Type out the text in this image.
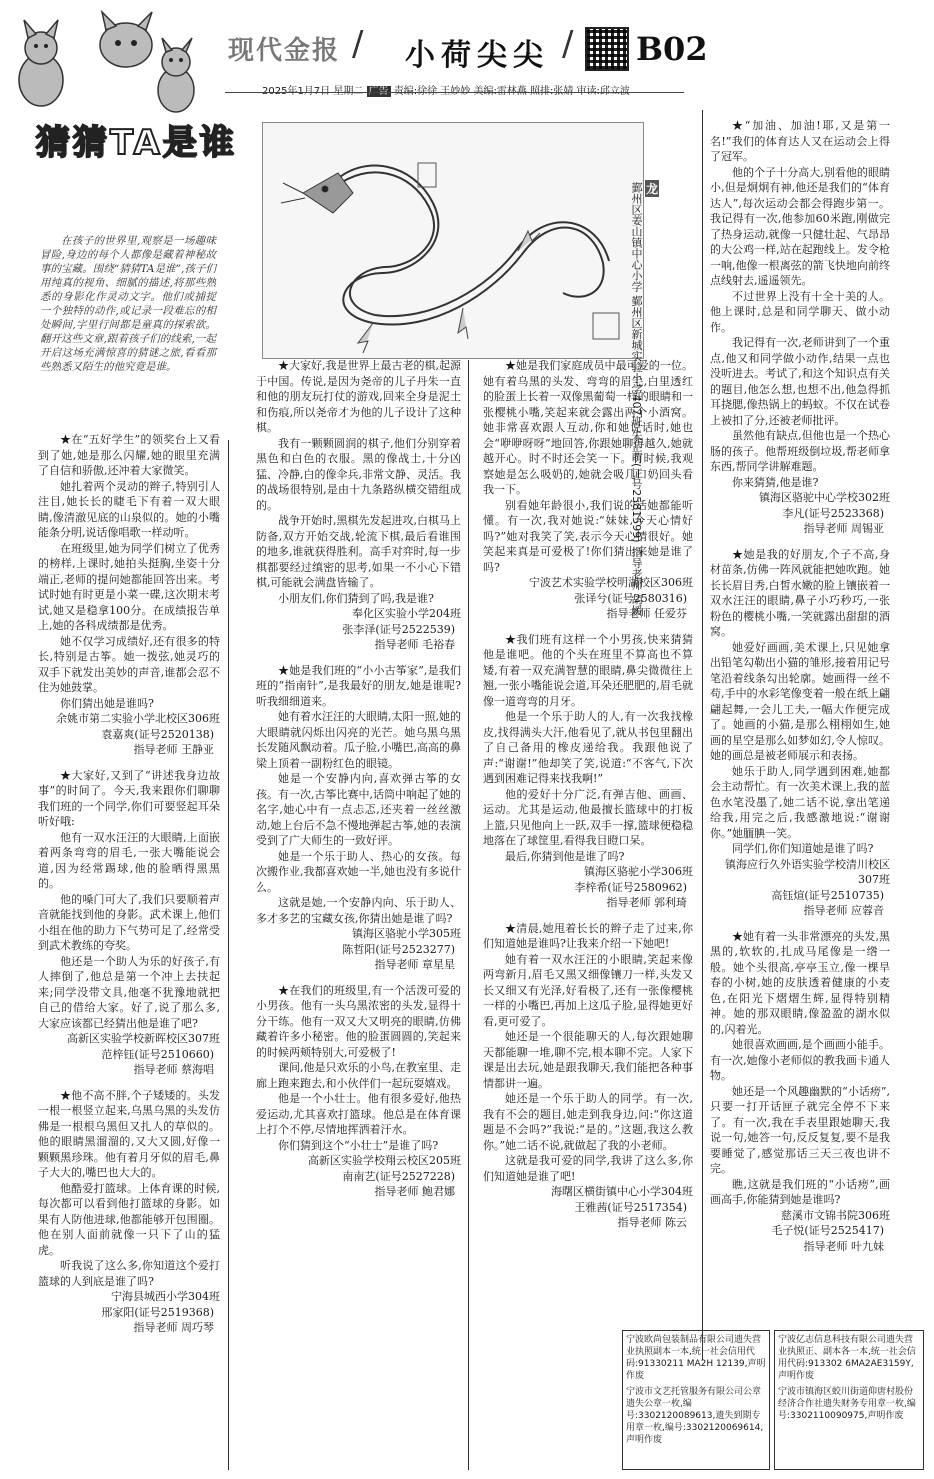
猜猜TA是谁

在孩子的世界里,观察是一场趣味冒险,身边的每个人都像是藏着神秘故事的宝藏。围绕“猜猜TA是谁”,孩子们用纯真的视角、细腻的描述,将那些熟悉的身影化作灵动文字。他们或捕捉一个独特的动作,或记录一段难忘的相处瞬间,字里行间都是童真的探索欲。翻开这些文章,跟着孩子们的线索,一起开启这场充满惊喜的猜谜之旅,看看那些熟悉又陌生的他究竟是谁。

现代金报 / 小荷尖尖 / B02
2025年1月7日 星期二 广告 责编:徐徐 王妙妙 美编:雷林燕 照排:张婧 审读:邱立波
龙
鄞州区姜山镇中心小学 鄞州区新城实验小学407班 朱芷萌(证号2581599) 指导老师 胡媛

★在“五好学生”的领奖台上又看到了她,她是那么闪耀,她的眼里充满了自信和骄傲,还冲着大家微笑。

她扎着两个灵动的辫子,特别引人注目,她长长的睫毛下有着一双大眼睛,像清澈见底的山泉似的。她的小嘴能条分明,说话像唱歌一样动听。

在班级里,她为同学们树立了优秀的榜样,上课时,她拍头挺胸,坐姿十分端正,老师的提问她都能回答出来。考试时她有时更是小菜一碟,这次期末考试,她又是稳拿100分。在成绩报告单上,她的各科成绩都是优秀。

她不仅学习成绩好,还有很多的特长,特别是古筝。她一拨弦,她灵巧的双手下就发出美妙的声音,谁都会忍不住为她鼓掌。

你们猜出她是谁吗?

余姚市第二实验小学北校区306班

袁嘉爽(证号2520138)

指导老师 王静亚

★大家好,又到了“讲述我身边故事”的时间了。今天,我来跟你们聊聊我们班的一个同学,你们可要竖起耳朵听好哦:

他有一双水汪汪的大眼睛,上面嵌着两条弯弯的眉毛,一张大嘴能说会道,因为经常踢球,他的脸晒得黑黑的。

他的嗓门可大了,我们只要顺着声音就能找到他的身影。武术课上,他们小组在他的助力下气势可足了,经常受到武术教练的夸奖。

他还是一个助人为乐的好孩子,有人摔倒了,他总是第一个冲上去扶起来;同学没带文具,他毫不犹豫地就把自己的借给大家。好了,说了那么多,大家应该都已经猜出他是谁了吧?

高新区实验学校新晖校区307班

范梓钰(证号2510660)

指导老师 蔡海唱

★他不高不胖,个子矮矮的。头发一根一根竖立起来,乌黑乌黑的头发仿佛是一根根乌黑但又扎人的草似的。他的眼睛黑溜溜的,又大又圆,好像一颗颗黑珍珠。他有着月牙似的眉毛,鼻子大大的,嘴巴也大大的。

他酷爱打篮球。上体育课的时候,每次都可以看到他打篮球的身影。如果有人防他进球,他都能够开包围圈。他在别人面前就像一只下了山的猛虎。

听我说了这么多,你知道这个爱打篮球的人到底是谁了吗?

宁海县城西小学304班

邢家阳(证号2519368)

指导老师 周巧琴

★大家好,我是世界上最古老的棋,起源于中国。传说,是因为尧帝的儿子丹朱一直和他的朋友玩打仗的游戏,回来全身是泥土和伤痕,所以尧帝才为他的儿子设计了这种棋。

我有一颗颗圆润的棋子,他们分别穿着黑色和白色的衣服。黑的像战士,十分凶猛、冷静,白的像伞兵,非常文静、灵活。我的战场很特别,是由十九条路纵横交错组成的。

战争开始时,黑棋先发起进攻,白棋马上防备,双方开始交战,轮流下棋,最后看谁围的地多,谁就获得胜利。高手对弈时,每一步棋都要经过缜密的思考,如果一不小心下错棋,可能就会满盘皆输了。

小朋友们,你们猜到了吗,我是谁?

奉化区实验小学204班

张李泽(证号2522539)

指导老师 毛裕春

★她是我们班的“小小古筝家”,是我们班的“指南针”,是我最好的朋友,她是谁呢?听我细细道来。

她有着水汪汪的大眼睛,太阳一照,她的大眼睛就闪烁出闪亮的光芒。她乌黑乌黑长发随风飘动着。瓜子脸,小嘴巴,高高的鼻梁上顶着一副粉红色的眼镜。

她是一个安静内向,喜欢弹古筝的女孩。有一次,古筝比赛中,话筒中响起了她的名字,她心中有一点忐忑,还夹着一丝丝激动,她上台后不急不慢地弹起古筝,她的表演受到了广大师生的一致好评。

她是一个乐于助人、热心的女孩。每次搬作业,我都喜欢她一半,她也没有多说什么。

这就是她,一个安静内向、乐于助人、多才多艺的宝藏女孩,你猜出她是谁了吗?

镇海区骆驼小学305班

陈哲阳(证号2523277)

指导老师 章星星

★在我们的班级里,有一个活泼可爱的小男孩。他有一头乌黑浓密的头发,显得十分干练。他有一双又大又明亮的眼睛,仿佛藏着许多小秘密。他的脸蛋圆圆的,笑起来的时候两颊特别大,可爱极了!

课间,他是只欢乐的小鸟,在教室里、走廊上跑来跑去,和小伙伴们一起玩耍嬉戏。

他是一个小壮士。他有很多爱好,他热爱运动,尤其喜欢打篮球。他总是在体育课上打个不停,尽情地挥洒着汗水。

你们猜到这个“小壮士”是谁了吗?

高新区实验学校翔云校区205班

南南艺(证号2527228)

指导老师 鲍君娜

★她是我们家庭成员中最可爱的一位。她有着乌黑的头发、弯弯的眉毛,白里透红的脸蛋上长着一双像黑葡萄一样的眼睛和一张樱桃小嘴,笑起来就会露出两个小酒窝。她非常喜欢跟人互动,你和她说话时,她也会“咿咿呀呀”地回答,你跟她聊得越久,她就越开心。时不时还会笑一下。有时候,我观察她是怎么吸奶的,她就会吸几口奶回头看我一下。

别看她年龄很小,我们说的话她都能听懂。有一次,我对她说:“妹妹,今天心情好吗?”她对我笑了笑,表示今天心情很好。她笑起来真是可爱极了!你们猜出来她是谁了吗?

宁波艺术实验学校明湖校区306班

张译兮(证号2580316)

指导老师 任爱芬

★我们班有这样一个小男孩,快来猜猜他是谁吧。他的个头在班里不算高也不算矮,有着一双充满智慧的眼睛,鼻尖微微往上翘,一张小嘴能说会道,耳朵还肥肥的,眉毛就像一道弯弯的月牙。

他是一个乐于助人的人,有一次我找橡皮,找得满头大汗,他看见了,就从书包里翻出了自己备用的橡皮递给我。我跟他说了声:“谢谢!”他却笑了笑,说道:“不客气,下次遇到困难记得来找我啊!”

他的爱好十分广泛,有弹吉他、画画、运动。尤其是运动,他最擅长篮球中的打板上篮,只见他向上一跃,双手一撑,篮球便稳稳地落在了球筐里,看得我目瞪口呆。

最后,你猜到他是谁了吗?

镇海区骆驼小学306班

李梓希(证号2580962)

指导老师 郭利琦

★清晨,她甩着长长的辫子走了过来,你们知道她是谁吗?让我来介绍一下她吧!

她有着一双水汪汪的小眼睛,笑起来像两弯新月,眉毛又黑又细像镶刀一样,头发又长又细又有光泽,好看极了,还有一张像樱桃一样的小嘴巴,再加上这瓜子脸,显得她更好看,更可爱了。

她还是一个很能聊天的人,每次跟她聊天都能聊一堆,聊不完,根本聊不完。人家下课是出去玩,她是跟我聊天,我们能把各种事情都讲一遍。

她还是一个乐于助人的同学。有一次,我有不会的题目,她走到我身边,问:“你这道题是不会吗?”我说:“是的。”这题,我这么教你。”她二话不说,就做起了我的小老师。

这就是我可爱的同学,我讲了这么多,你们知道她是谁了吧!

海曙区横街镇中心小学304班

王雅茜(证号2517354)

指导老师 陈云

★“加油、加油!耶,又是第一名!”我们的体育达人又在运动会上得了冠军。

他的个子十分高大,别看他的眼睛小,但是炯炯有神,他还是我们的“体育达人”,每次运动会都会得跑步第一。我记得有一次,他参加60米跑,刚做完了热身运动,就像一只健壮起、气昂昂的大公鸡一样,站在起跑线上。发令枪一响,他像一根离弦的箭飞快地向前终点线射去,遥遥领先。

不过世界上没有十全十美的人。他上课时,总是和同学聊天、做小动作。

我记得有一次,老师讲到了一个重点,他又和同学做小动作,结果一点也没听进去。考试了,和这个知识点有关的题目,他怎么想,也想不出,他急得抓耳挠腮,像热锅上的蚂蚁。不仅在试卷上被扣了分,还被老师批评。

虽然他有缺点,但他也是一个热心肠的孩子。他帮班级倒垃圾,帮老师拿东西,帮同学讲解难题。

你来猜猜,他是谁?

镇海区骆驼中心学校302班

李凡(证号2523368)

指导老师 周锡亚

★她是我的好朋友,个子不高,身材苗条,仿佛一阵风就能把她吹跑。她长长眉目秀,白皙水嫩的脸上镶嵌着一双水汪汪的眼睛,鼻子小巧秒巧,一张粉色的樱桃小嘴,一笑就露出甜甜的酒窝。

她爱好画画,美术课上,只见她拿出铅笔勾勒出小猫的雏形,接着用记号笔沿着线条勾出轮廓。她画得一丝不苟,手中的水彩笔像变着一般在纸上翩翩起舞,一会儿工夫,一幅大作便完成了。她画的小猫,是那么栩栩如生,她画的星空是那么如梦如幻,令人惊叹。她的画总是被老师展示和表扬。

她乐于助人,同学遇到困难,她都会主动帮忙。有一次美术课上,我的蓝色水笔没墨了,她二话不说,拿出笔递给我,用完之后,我感激地说:“谢谢你。”她腼腆一笑。

同学们,你们知道她是谁了吗?

镇海应行久外语实验学校清川校区307班

高钰煊(证号2510735)

指导老师 应蓉音

★她有着一头非常漂亮的头发,黑黑的,软软的,扎成马尾像是一绺一般。她个头很高,亭亭玉立,像一棵旱春的小树,她的皮肤透着健康的小麦色,在阳光下熠熠生辉,显得特别精神。她的那双眼睛,像盈盈的湖水似的,闪着光。

她很喜欢画画,是个画画小能手。有一次,她像小老师似的教我画卡通人物。

她还是一个风趣幽默的“小话痨”,只要一打开话匣子就完全停不下来了。有一次,我在手表里跟她聊天,我说一句,她答一句,反反复复,要不是我要睡觉了,感觉那话三天三夜也讲不完。

瞧,这就是我们班的“小话痨”,画画高手,你能猜到她是谁吗?

慈溪市文锦书院306班

毛子悦(证号2525417)

指导老师 叶九妹

宁波欧尚包装制品有限公司遗失营业执照副本一本,统一社会信用代码:91330211 MA2H 12139,声明作废
宁波市文艺托管服务有限公司公章遗失公章一枚,编号:3302120089613,遗失到期专用章一枚,编号:3302120069614,声明作废
宁波亿志信息科技有限公司遗失营业执照正、副本各一本,统一社会信用代码:913302 6MA2AE3159Y,声明作废
宁波市镇海区蛟川街道仰唐村股份经济合作社遗失财务专用章一枚,编号:3302110090975,声明作废
